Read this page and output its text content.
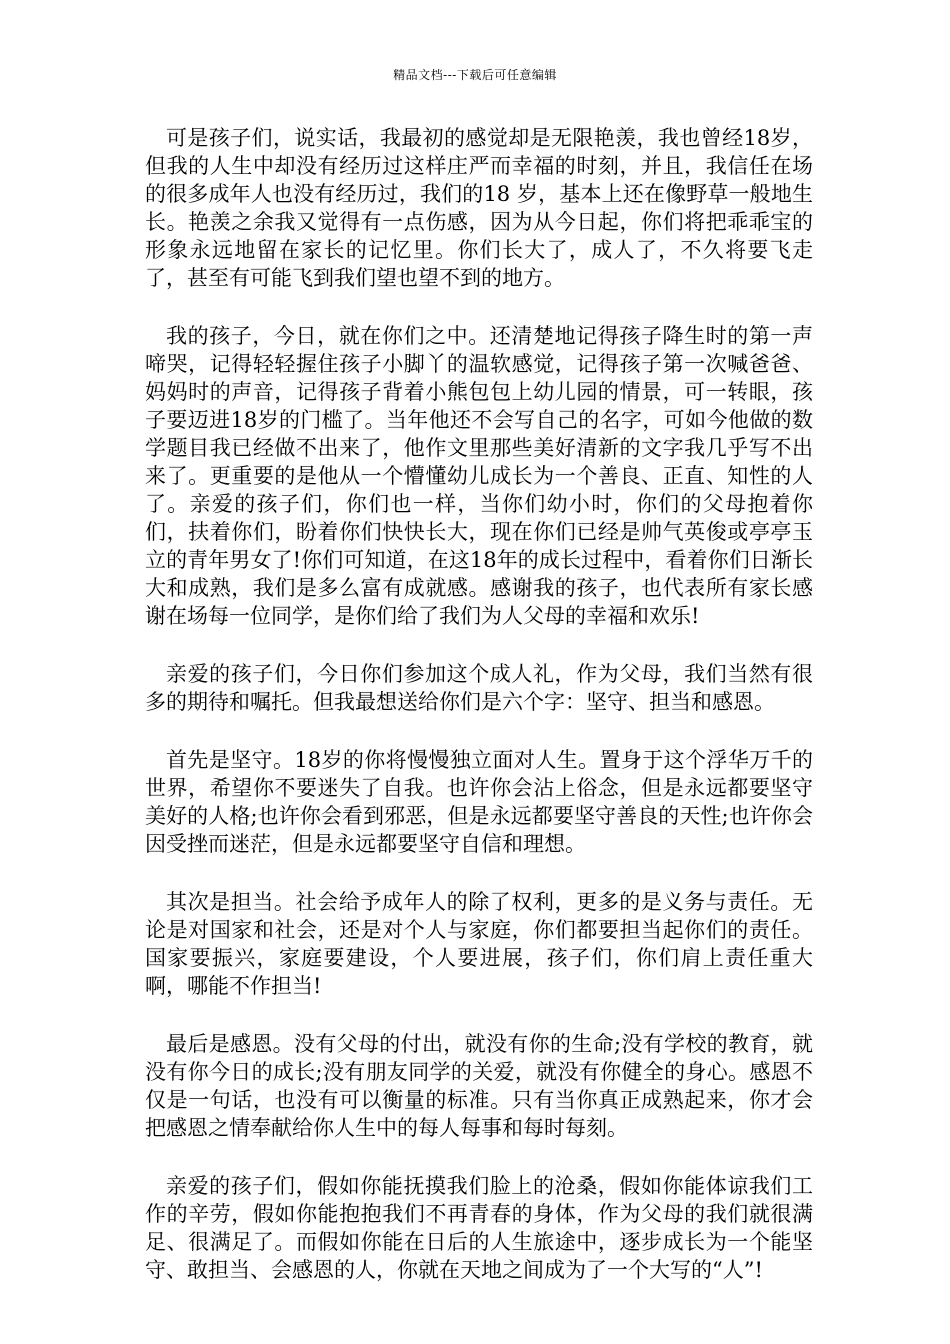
精品文档---下载后可任意编辑

可是孩子们，说实话，我最初的感觉却是无限艳羡，我也曾经18岁，但我的人生中却没有经历过这样庄严而幸福的时刻，并且，我信任在场的很多成年人也没有经历过，我们的18 岁，基本上还在像野草一般地生长。艳羡之余我又觉得有一点伤感，因为从今日起，你们将把乖乖宝的形象永远地留在家长的记忆里。你们长大了，成人了，不久将要飞走了，甚至有可能飞到我们望也望不到的地方。

我的孩子，今日，就在你们之中。还清楚地记得孩子降生时的第一声啼哭，记得轻轻握住孩子小脚丫的温软感觉，记得孩子第一次喊爸爸、妈妈时的声音，记得孩子背着小熊包包上幼儿园的情景，可一转眼，孩子要迈进18岁的门槛了。当年他还不会写自己的名字，可如今他做的数学题目我已经做不出来了，他作文里那些美好清新的文字我几乎写不出来了。更重要的是他从一个懵懂幼儿成长为一个善良、正直、知性的人了。亲爱的孩子们，你们也一样，当你们幼小时，你们的父母抱着你们，扶着你们，盼着你们快快长大，现在你们已经是帅气英俊或亭亭玉立的青年男女了!你们可知道，在这18年的成长过程中，看着你们日渐长大和成熟，我们是多么富有成就感。感谢我的孩子，也代表所有家长感谢在场每一位同学，是你们给了我们为人父母的幸福和欢乐!

亲爱的孩子们，今日你们参加这个成人礼，作为父母，我们当然有很多的期待和嘱托。但我最想送给你们是六个字：坚守、担当和感恩。

首先是坚守。18岁的你将慢慢独立面对人生。置身于这个浮华万千的世界，希望你不要迷失了自我。也许你会沾上俗念，但是永远都要坚守美好的人格;也许你会看到邪恶，但是永远都要坚守善良的天性;也许你会因受挫而迷茫，但是永远都要坚守自信和理想。

其次是担当。社会给予成年人的除了权利，更多的是义务与责任。无论是对国家和社会，还是对个人与家庭，你们都要担当起你们的责任。国家要振兴，家庭要建设，个人要进展，孩子们，你们肩上责任重大啊，哪能不作担当!

最后是感恩。没有父母的付出，就没有你的生命;没有学校的教育，就没有你今日的成长;没有朋友同学的关爱，就没有你健全的身心。感恩不仅是一句话，也没有可以衡量的标准。只有当你真正成熟起来，你才会把感恩之情奉献给你人生中的每人每事和每时每刻。

亲爱的孩子们，假如你能抚摸我们脸上的沧桑，假如你能体谅我们工作的辛劳，假如你能抱抱我们不再青春的身体，作为父母的我们就很满足、很满足了。而假如你能在日后的人生旅途中，逐步成长为一个能坚守、敢担当、会感恩的人，你就在天地之间成为了一个大写的“人”!
